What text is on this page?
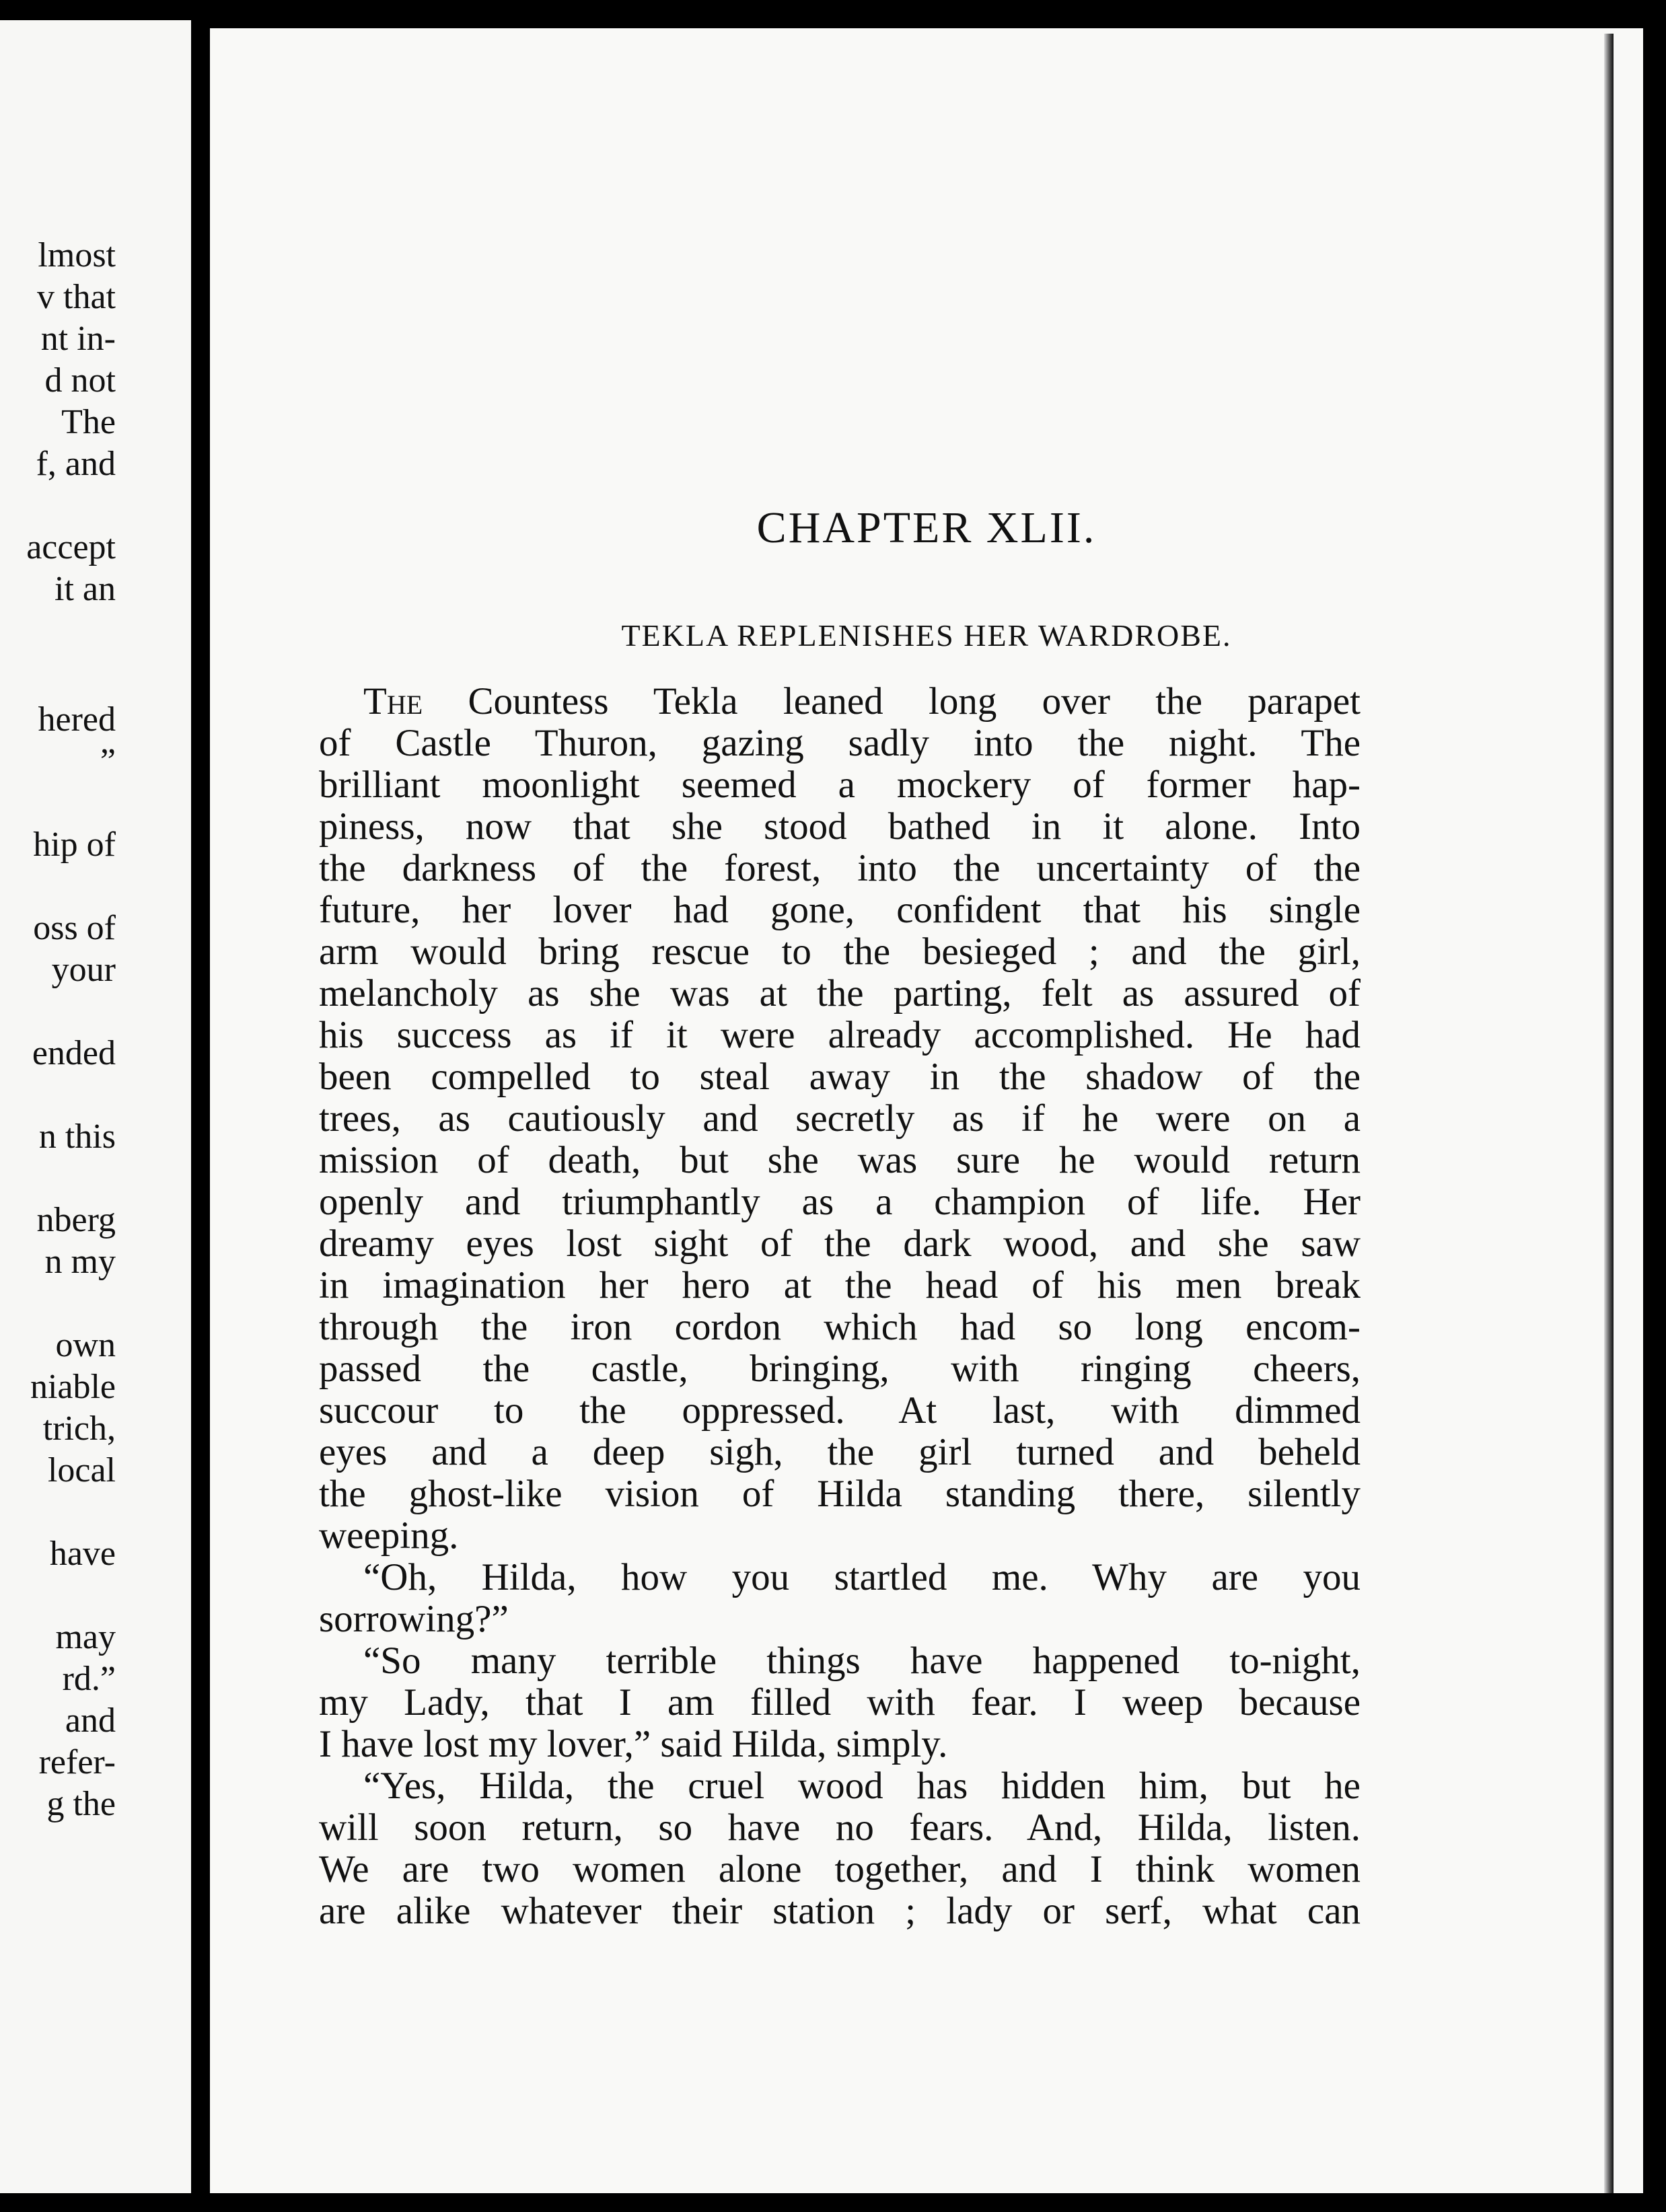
lmost
v that
nt in-
d not
The
f, and
accept
it an
hered
”
hip of
oss of
your
ended
n this
nberg
n my
own
niable
trich,
local
have
may
rd.”
and
refer-
g the
CHAPTER XLII.
TEKLA REPLENISHES HER WARDROBE.
The Countess Tekla leaned long over the parapet
of Castle Thuron, gazing sadly into the night. The
brilliant moonlight seemed a mockery of former hap-
piness, now that she stood bathed in it alone. Into
the darkness of the forest, into the uncertainty of the
future, her lover had gone, confident that his single
arm would bring rescue to the besieged ; and the girl,
melancholy as she was at the parting, felt as assured of
his success as if it were already accomplished. He had
been compelled to steal away in the shadow of the
trees, as cautiously and secretly as if he were on a
mission of death, but she was sure he would return
openly and triumphantly as a champion of life. Her
dreamy eyes lost sight of the dark wood, and she saw
in imagination her hero at the head of his men break
through the iron cordon which had so long encom-
passed the castle, bringing, with ringing cheers,
succour to the oppressed. At last, with dimmed
eyes and a deep sigh, the girl turned and beheld
the ghost-like vision of Hilda standing there, silently
weeping.
“Oh, Hilda, how you startled me. Why are you
sorrowing?”
“So many terrible things have happened to-night,
my Lady, that I am filled with fear. I weep because
I have lost my lover,” said Hilda, simply.
“Yes, Hilda, the cruel wood has hidden him, but he
will soon return, so have no fears. And, Hilda, listen.
We are two women alone together, and I think women
are alike whatever their station ; lady or serf, what can
